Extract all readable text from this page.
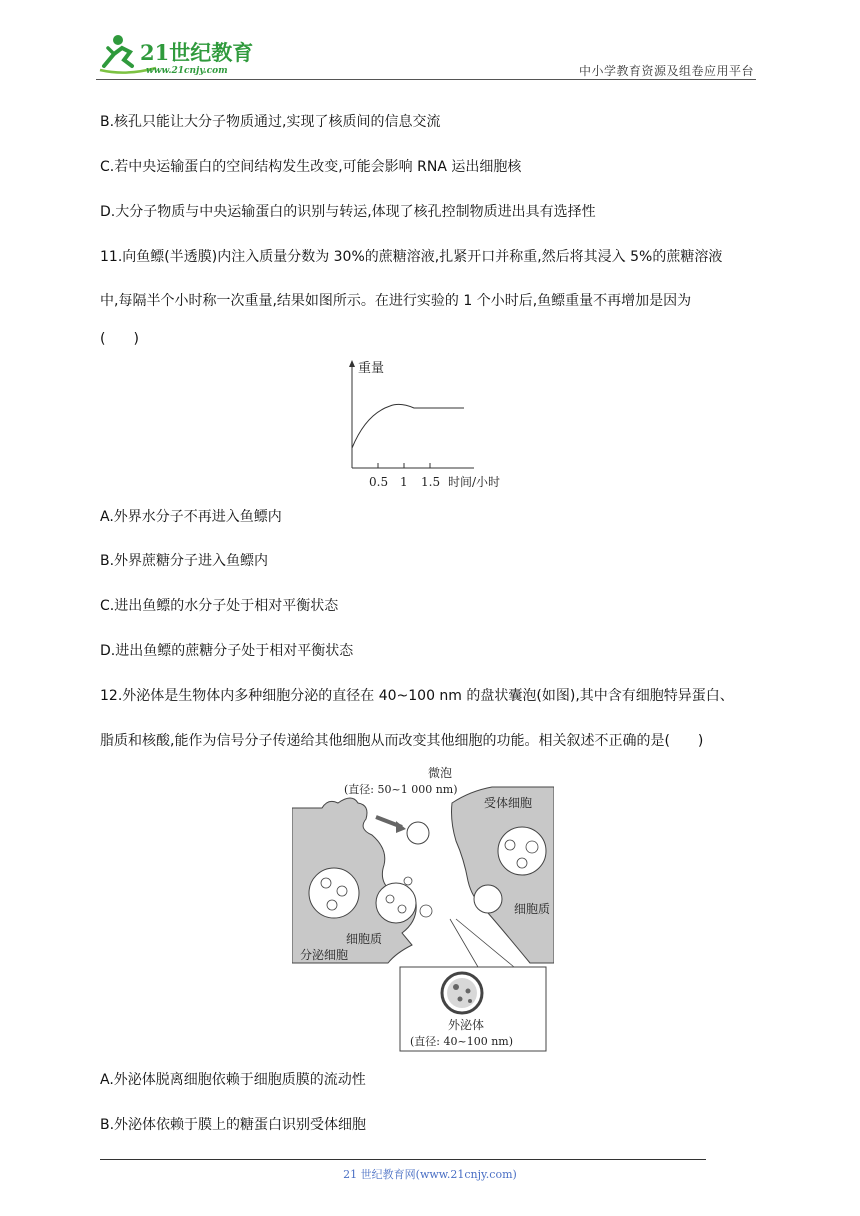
21世纪教育
www.21cnjy.com	中小学教育资源及组卷应用平台
B.核孔只能让大分子物质通过,实现了核质间的信息交流
C.若中央运输蛋白的空间结构发生改变,可能会影响 RNA 运出细胞核
D.大分子物质与中央运输蛋白的识别与转运,体现了核孔控制物质进出具有选择性
11.向鱼鳔(半透膜)内注入质量分数为 30%的蔗糖溶液,扎紧开口并称重,然后将其浸入 5%的蔗糖溶液
中,每隔半个小时称一次重量,结果如图所示。在进行实验的 1 个小时后,鱼鳔重量不再增加是因为
(　　)
重量
0.5 1 1.5 时间/小时
A.外界水分子不再进入鱼鳔内
B.外界蔗糖分子进入鱼鳔内
C.进出鱼鳔的水分子处于相对平衡状态
D.进出鱼鳔的蔗糖分子处于相对平衡状态
12.外泌体是生物体内多种细胞分泌的直径在 40~100 nm 的盘状囊泡(如图),其中含有细胞特异蛋白、
脂质和核酸,能作为信号分子传递给其他细胞从而改变其他细胞的功能。相关叙述不正确的是(　　)
微泡
(直径: 50~1 000 nm)
受体细胞
细胞质
细胞质
分泌细胞
外泌体
(直径: 40~100 nm)
A.外泌体脱离细胞依赖于细胞质膜的流动性
B.外泌体依赖于膜上的糖蛋白识别受体细胞
21 世纪教育网(www.21cnjy.com)
